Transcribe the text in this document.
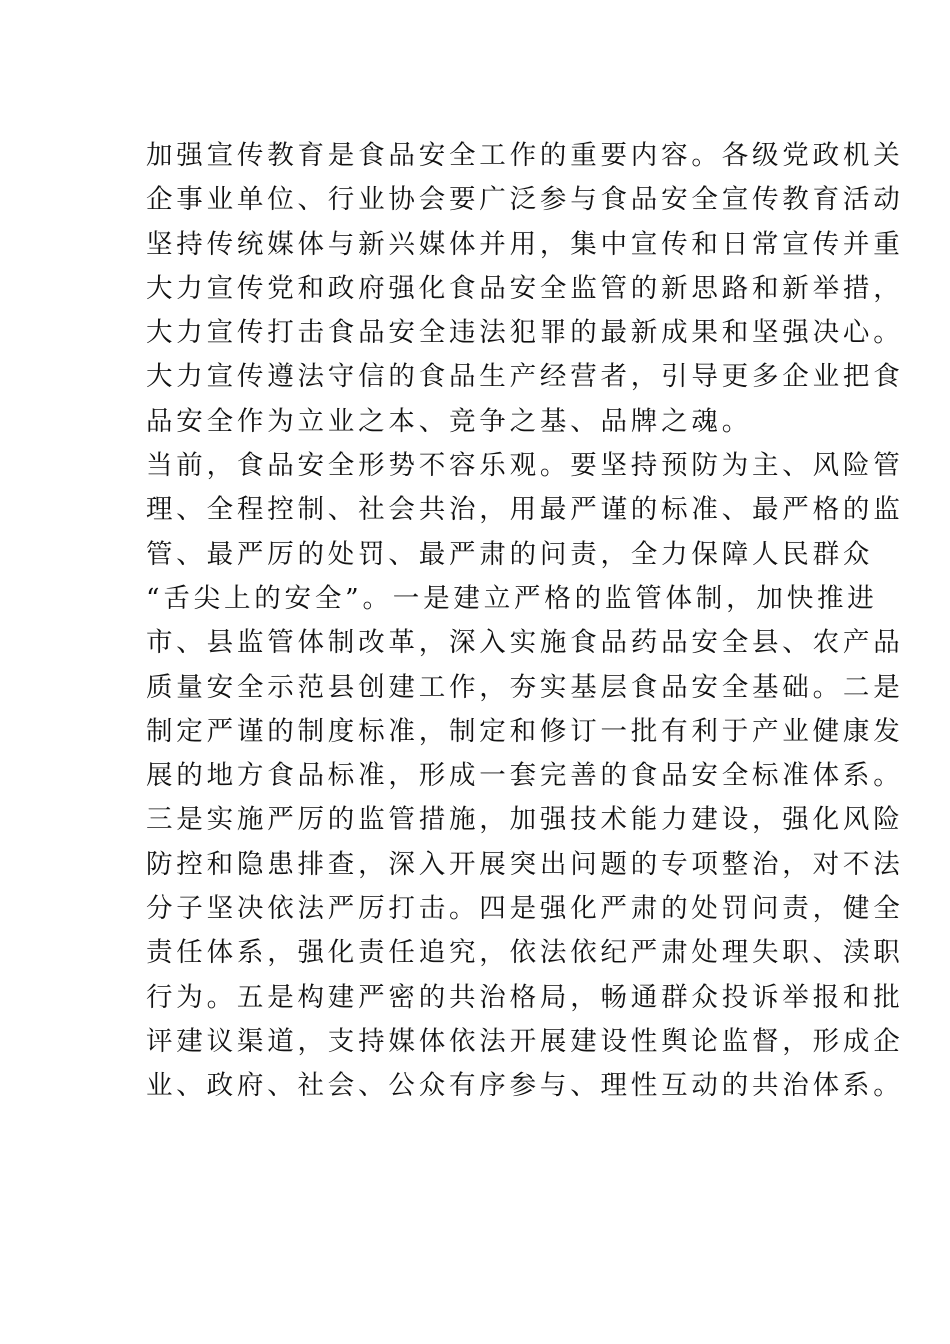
加强宣传教育是食品安全工作的重要内容。各级党政机关
企事业单位、行业协会要广泛参与食品安全宣传教育活动
坚持传统媒体与新兴媒体并用，集中宣传和日常宣传并重
大力宣传党和政府强化食品安全监管的新思路和新举措，
大力宣传打击食品安全违法犯罪的最新成果和坚强决心。
大力宣传遵法守信的食品生产经营者，引导更多企业把食
品安全作为立业之本、竞争之基、品牌之魂。
当前，食品安全形势不容乐观。要坚持预防为主、风险管
理、全程控制、社会共治，用最严谨的标准、最严格的监
管、最严厉的处罚、最严肃的问责，全力保障人民群众
“舌尖上的安全”。一是建立严格的监管体制，加快推进
市、县监管体制改革，深入实施食品药品安全县、农产品
质量安全示范县创建工作，夯实基层食品安全基础。二是
制定严谨的制度标准，制定和修订一批有利于产业健康发
展的地方食品标准，形成一套完善的食品安全标准体系。
三是实施严厉的监管措施，加强技术能力建设，强化风险
防控和隐患排查，深入开展突出问题的专项整治，对不法
分子坚决依法严厉打击。四是强化严肃的处罚问责，健全
责任体系，强化责任追究，依法依纪严肃处理失职、渎职
行为。五是构建严密的共治格局，畅通群众投诉举报和批
评建议渠道，支持媒体依法开展建设性舆论监督，形成企
业、政府、社会、公众有序参与、理性互动的共治体系。
